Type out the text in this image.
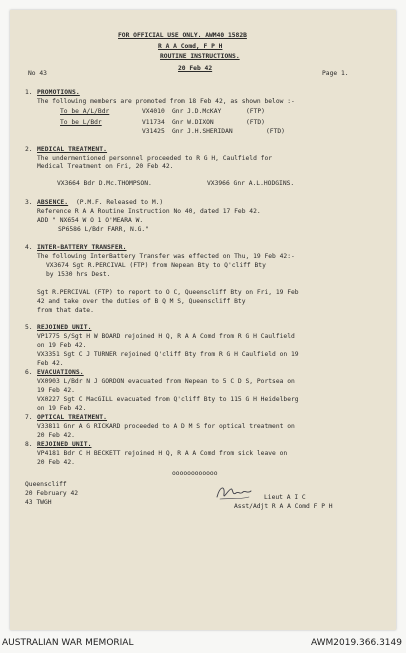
FOR OFFICIAL USE ONLY. AWM40 1582B
R A A Comd, F P H
ROUTINE INSTRUCTIONS.
20 Feb 42
No 43	Page 1.
1. PROMOTIONS.
The following members are promoted from 18 Feb 42, as shown below :-
To be A/L/Bdr	VX4010 Gnr J.D.McKAY	(FTP)
To be L/Bdr	V11734 Gnr W.DIXON	(FTD)
V31425 Gnr J.H.SHERIDAN	(FTD)
2. MEDICAL TREATMENT.
The undermentioned personnel proceeded to R G H, Caulfield for
Medical Treatment on Fri, 20 Feb 42.
VX3664 Bdr D.Mc.THOMPSON.	VX3966 Gnr A.L.HODGINS.
3. ABSENCE. (P.M.F. Released to M.)
Reference R A A Routine Instruction No 40, dated 17 Feb 42.
ADD " NX654 W O 1 O'MEARA W.
SP6586 L/Bdr FARR, N.G."
4. INTER-BATTERY TRANSFER.
The following InterBattery Transfer was effected on Thu, 19 Feb 42:-
VX3674 Sgt R.PERCIVAL (FTP) from Nepean Bty to Q'cliff Bty
by 1530 hrs Dest.
Sgt R.PERCIVAL (FTP) to report to O C, Queenscliff Bty on Fri, 19 Feb
42 and take over the duties of B Q M S, Queenscliff Bty
from that date.
5. REJOINED UNIT.
VP1775 S/Sgt H W BOARD rejoined H Q, R A A Comd from R G H Caulfield
on 19 Feb 42.
VX3351 Sgt C J TURNER rejoined Q'cliff Bty from R G H Caulfield on 19
Feb 42.
6. EVACUATIONS.
VX0903 L/Bdr N J GORDON evacuated from Nepean to 5 C D S, Portsea on
19 Feb 42.
VX0227 Sgt C MacGILL evacuated from Q'cliff Bty to 115 G H Heidelberg
on 19 Feb 42.
7. OPTICAL TREATMENT.
V33811 Gnr A G RICKARD proceeded to A D M S for optical treatment on
20 Feb 42.
8. REJOINED UNIT.
VP4181 Bdr C H BECKETT rejoined H Q, R A A Comd from sick leave on
20 Feb 42.
oooooooooooo
Queenscliff
20 February 42
43 TWGH
Lieut A I C
Asst/Adjt R A A Comd F P H
AUSTRALIAN WAR MEMORIAL	AWM2019.366.3149
